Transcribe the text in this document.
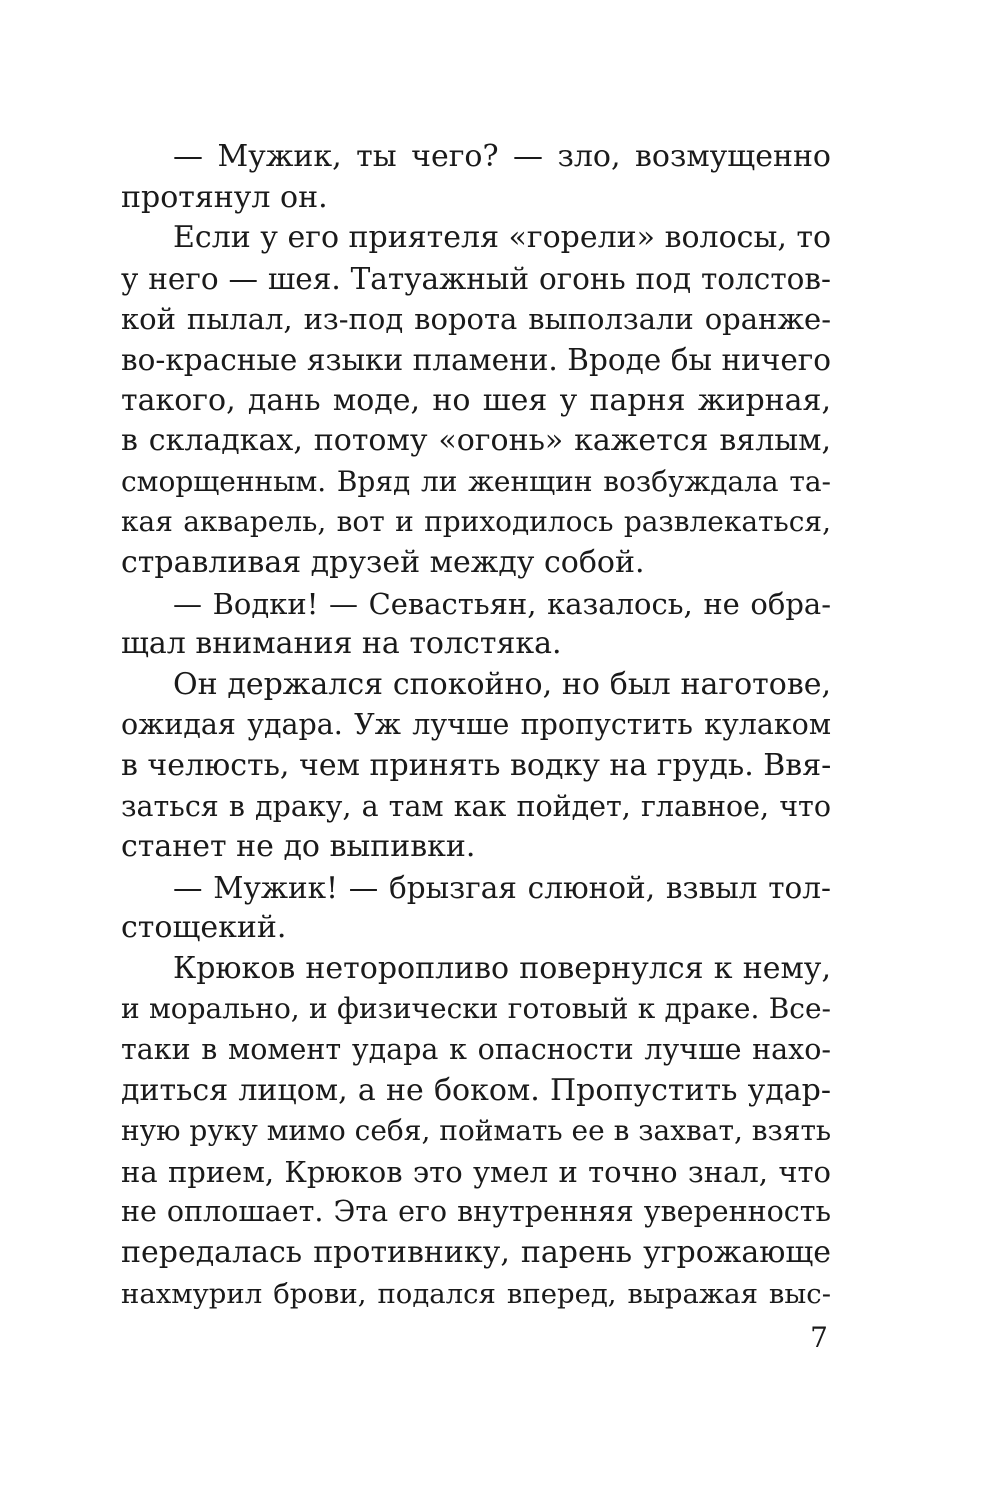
— Мужик, ты чего? — зло, возмущенно
протянул он.
Если у его приятеля «горели» волосы, то
у него — шея. Татуажный огонь под толстов-
кой пылал, из-под ворота выползали оранже-
во-красные языки пламени. Вроде бы ничего
такого, дань моде, но шея у парня жирная,
в складках, потому «огонь» кажется вялым,
сморщенным. Вряд ли женщин возбуждала та-
кая акварель, вот и приходилось развлекаться,
стравливая друзей между собой.
— Водки! — Севастьян, казалось, не обра-
щал внимания на толстяка.
Он держался спокойно, но был наготове,
ожидая удара. Уж лучше пропустить кулаком
в челюсть, чем принять водку на грудь. Ввя-
заться в драку, а там как пойдет, главное, что
станет не до выпивки.
— Мужик! — брызгая слюной, взвыл тол-
стощекий.
Крюков неторопливо повернулся к нему,
и морально, и физически готовый к драке. Все-
таки в момент удара к опасности лучше нахо-
диться лицом, а не боком. Пропустить удар-
ную руку мимо себя, поймать ее в захват, взять
на прием, Крюков это умел и точно знал, что
не оплошает. Эта его внутренняя уверенность
передалась противнику, парень угрожающе
нахмурил брови, подался вперед, выражая выс-
7
